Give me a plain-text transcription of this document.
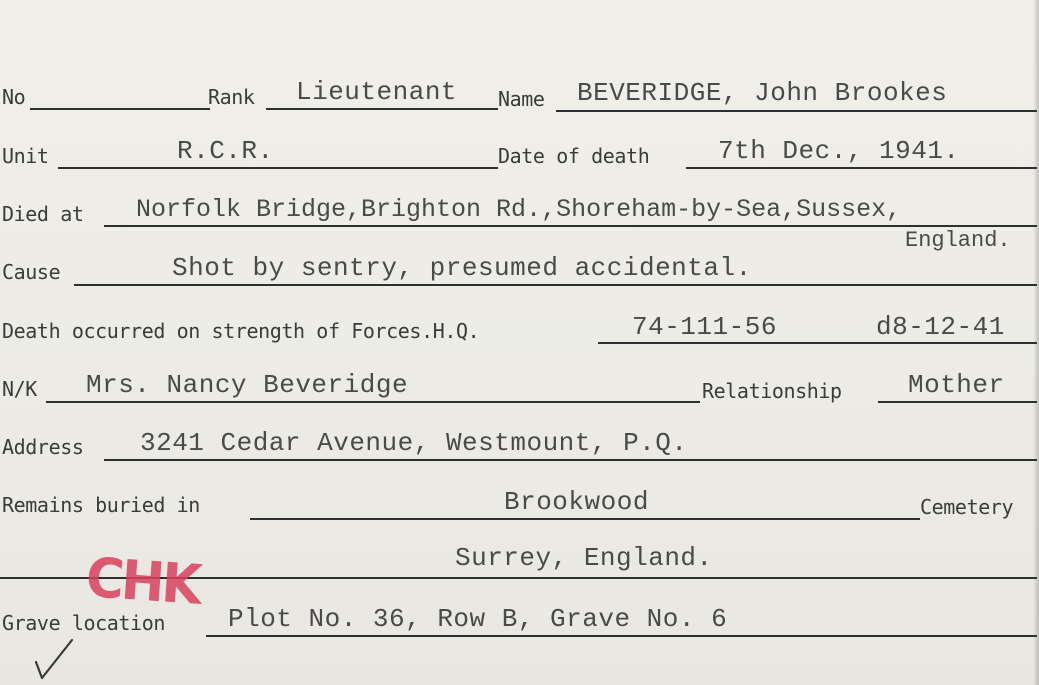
No	Rank Lieutenant Name BEVERIDGE, John Brookes
Unit	R.C.R.	Date of death	7th Dec., 1941.
Died at Norfolk Bridge,Brighton Rd.,Shoreham-by-Sea,Sussex,
England.
Cause	Shot by sentry, presumed accidental.
Death occurred on strength of Forces.H.Q.	74-111-56	d8-12-41
N/K Mrs. Nancy Beveridge	Relationship	Mother
Address 3241 Cedar Avenue, Westmount, P.Q.
Remains buried in	Brookwood	Cemetery
Surrey, England.
CHK
Grave location Plot No. 36, Row B, Grave No. 6
